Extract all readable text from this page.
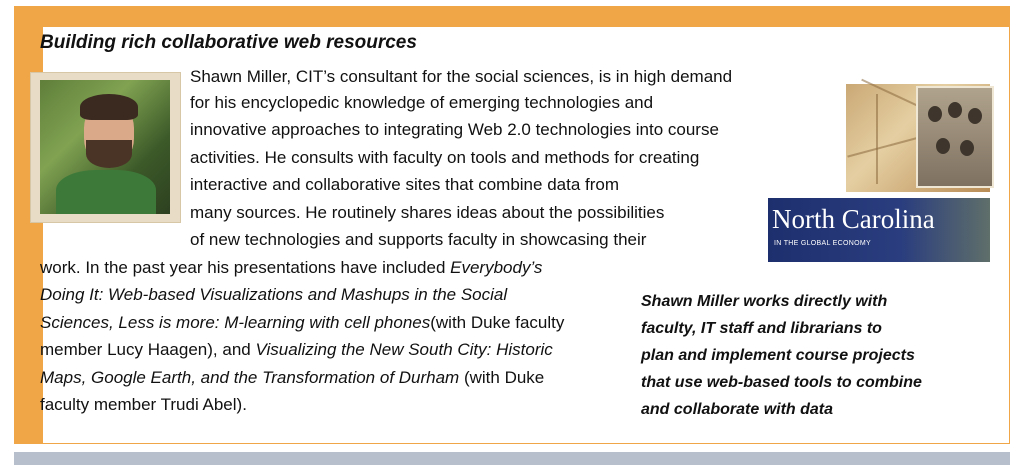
Building rich collaborative web resources

Shawn Miller, CIT’s consultant for the social sciences, is in high demand

for his encyclopedic knowledge of emerging technologies and

innovative approaches to integrating Web 2.0 technologies into course

activities. He consults with faculty on tools and methods for creating

interactive and collaborative sites that combine data from

many sources. He routinely shares ideas about the possibilities

of new technologies and supports faculty in showcasing their

work. In the past year his presentations have included Everybody’s

Doing It: Web-based Visualizations and Mashups in the Social

Sciences, Less is more: M-learning with cell phones(with Duke faculty

member Lucy Haagen), and Visualizing the New South City: Historic

Maps, Google Earth, and the Transformation of Durham (with Duke

faculty member Trudi Abel).

North Carolina
IN THE GLOBAL ECONOMY
Shawn Miller works directly with
faculty, IT staff and librarians to
plan and implement course projects
that use web-based tools to combine
and collaborate with data
